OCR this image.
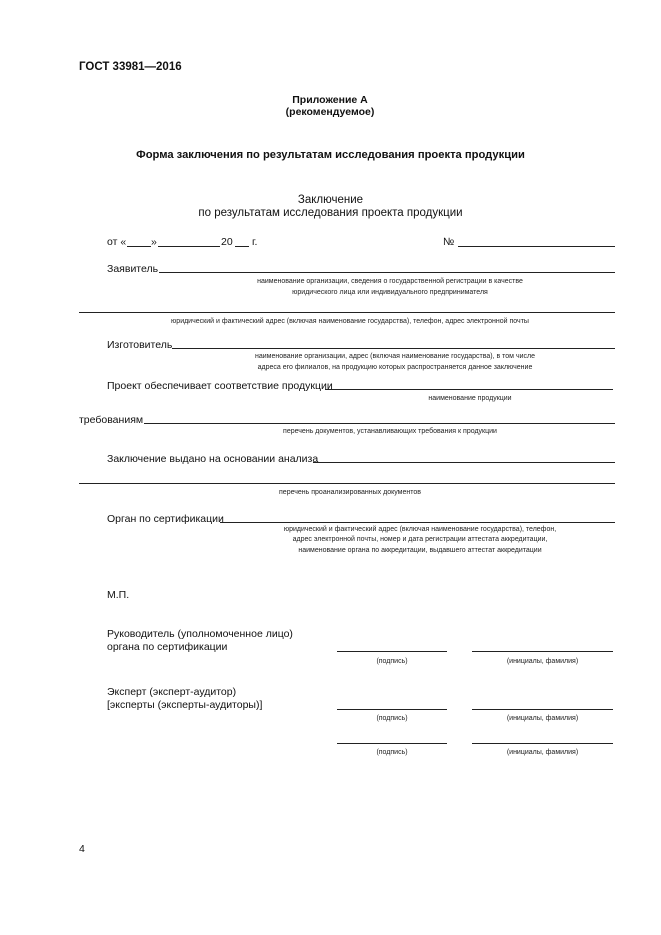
ГОСТ 33981—2016
Приложение А
(рекомендуемое)
Форма заключения по результатам исследования проекта продукции
Заключение
по результатам исследования проекта продукции
от « »	20 г.	№
Заявитель
наименование организации, сведения о государственной регистрации в качестве
юридического лица или индивидуального предпринимателя
юридический и фактический адрес (включая наименование государства), телефон, адрес электронной почты
Изготовитель
наименование организации, адрес (включая наименование государства), в том числе
адреса его филиалов, на продукцию которых распространяется данное заключение
Проект обеспечивает соответствие продукции
наименование продукции
требованиям
перечень документов, устанавливающих требования к продукции
Заключение выдано на основании анализа
перечень проанализированных документов
Орган по сертификации
юридический и фактический адрес (включая наименование государства), телефон,
адрес электронной почты, номер и дата регистрации аттестата аккредитации,
наименование органа по аккредитации, выдавшего аттестат аккредитации
М.П.
Руководитель (уполномоченное лицо)
органа по сертификации
(подпись)	(инициалы, фамилия)
Эксперт (эксперт-аудитор)
[эксперты (эксперты-аудиторы)]
(подпись)	(инициалы, фамилия)
(подпись)	(инициалы, фамилия)
4
